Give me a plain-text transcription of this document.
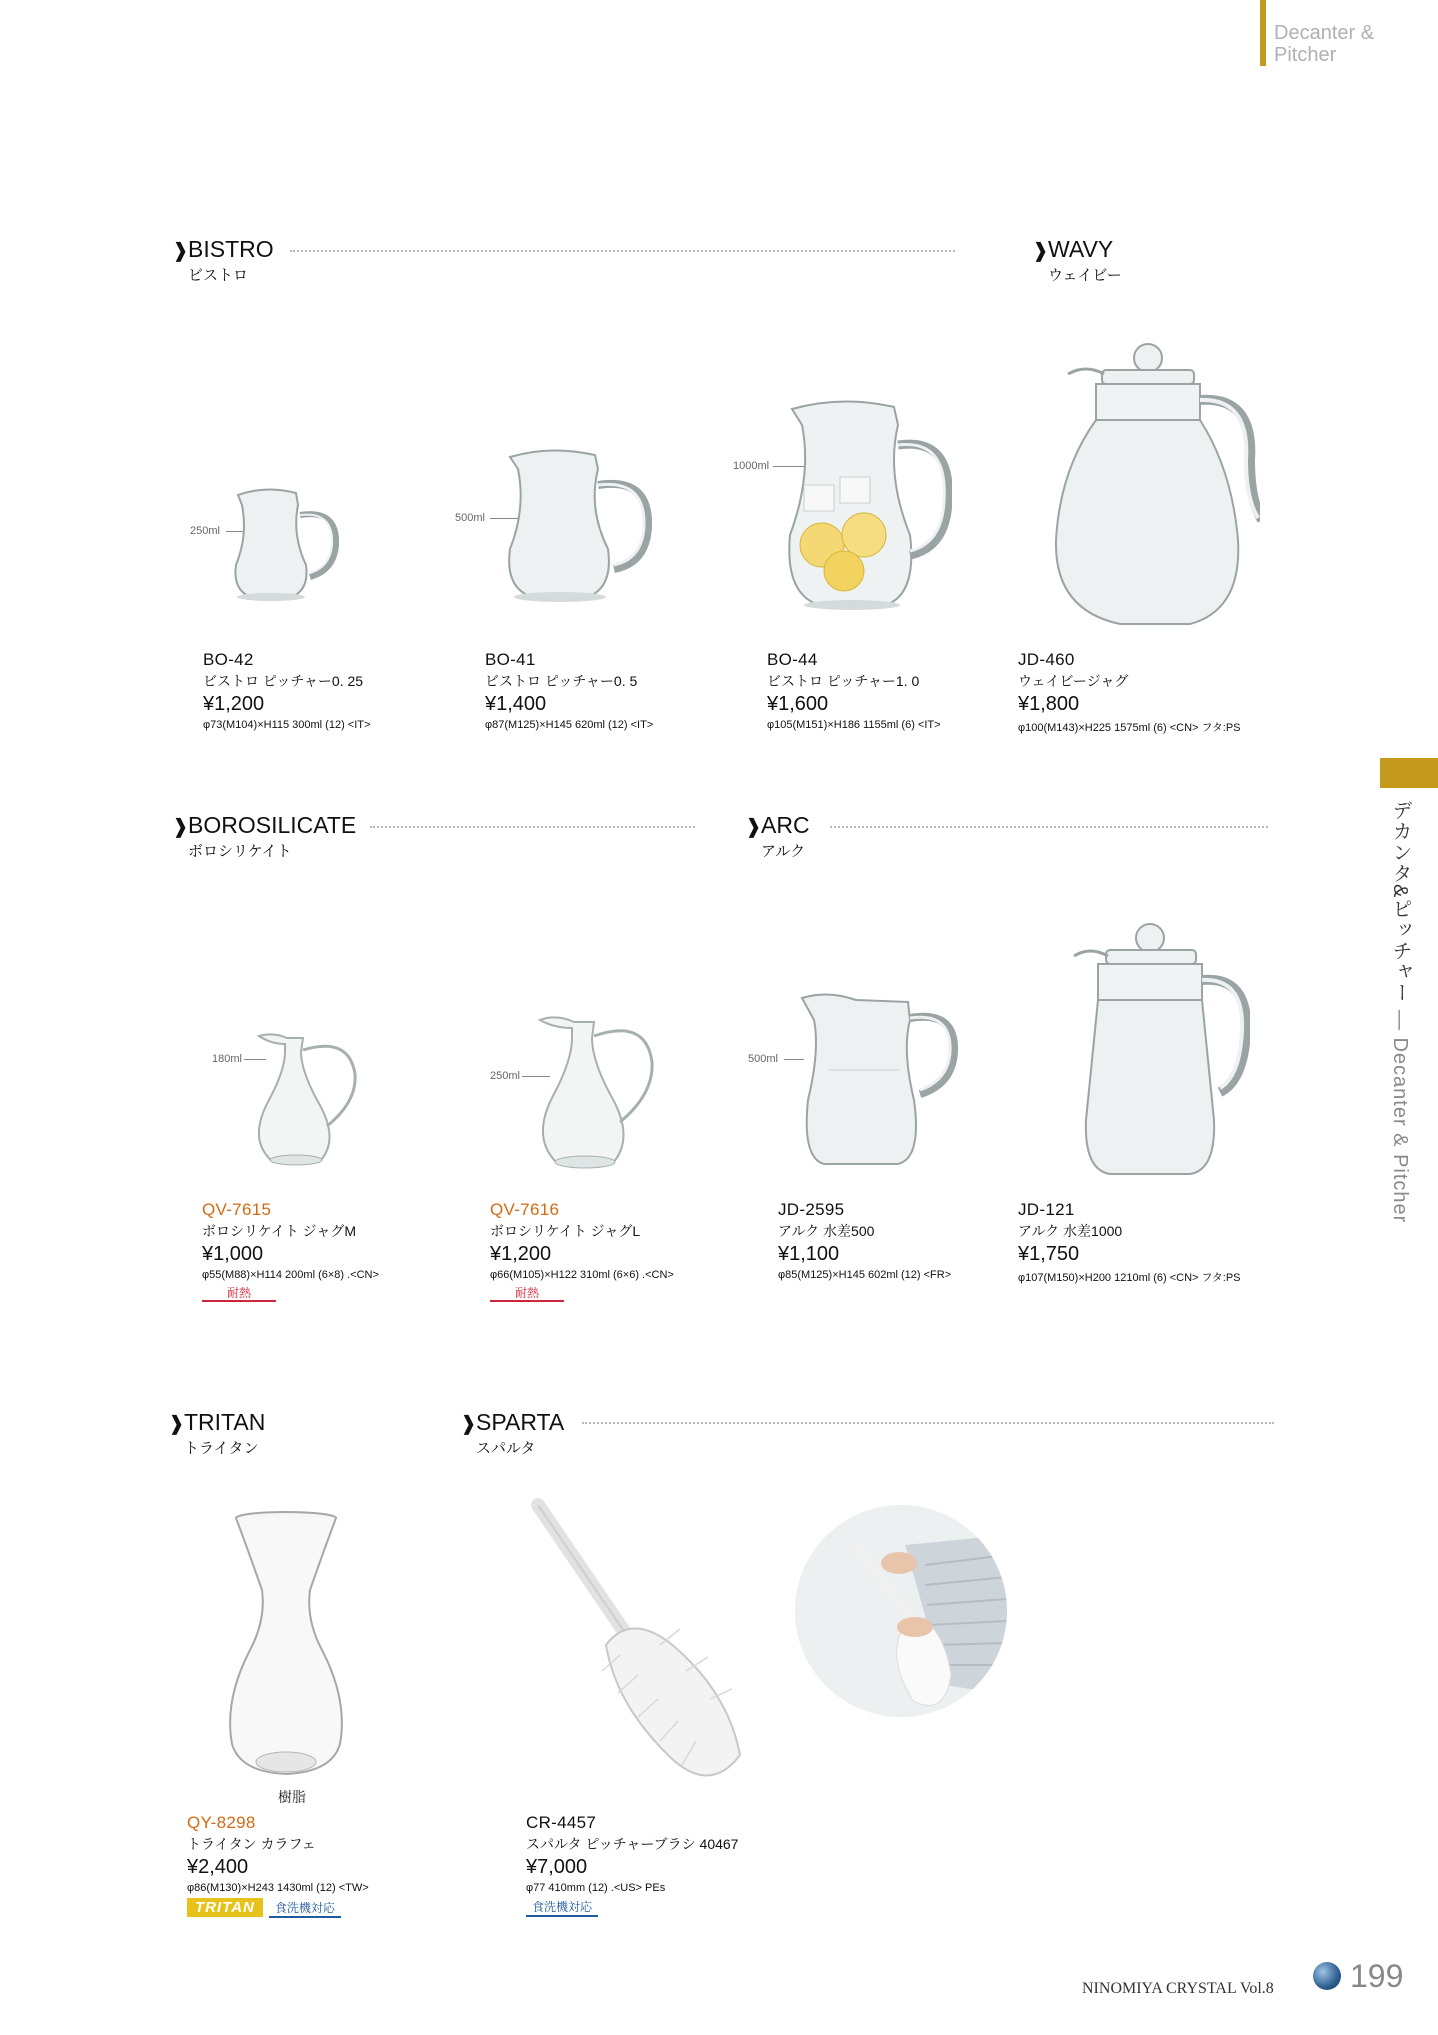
Decanter &
Pitcher
デカンタ&ピッチャー ― Decanter & Pitcher
❱BISTRO
ビストロ
❱WAVY
ウェイビー
250ml
500ml
1000ml
BO-42
ビストロ ピッチャー0. 25
¥1,200
φ73(M104)×H115 300ml (12) <IT>
BO-41
ビストロ ピッチャー0. 5
¥1,400
φ87(M125)×H145 620ml (12) <IT>
BO-44
ビストロ ピッチャー1. 0
¥1,600
φ105(M151)×H186 1155ml (6) <IT>
JD-460
ウェイビージャグ
¥1,800
φ100(M143)×H225 1575ml (6) <CN> フタ:PS
❱BOROSILICATE
ボロシリケイト
❱ARC
アルク
180ml
250ml
500ml
QV-7615
ボロシリケイト ジャグM
¥1,000
φ55(M88)×H114 200ml (6×8) .<CN>
耐熱
QV-7616
ボロシリケイト ジャグL
¥1,200
φ66(M105)×H122 310ml (6×6) .<CN>
耐熱
JD-2595
アルク 水差500
¥1,100
φ85(M125)×H145 602ml (12) <FR>
JD-121
アルク 水差1000
¥1,750
φ107(M150)×H200 1210ml (6) <CN> フタ:PS
❱TRITAN
トライタン
❱SPARTA
スパルタ
樹脂
QY-8298
トライタン カラフェ
¥2,400
φ86(M130)×H243 1430ml (12) <TW>
TRITAN 食洗機対応
CR-4457
スパルタ ピッチャーブラシ 40467
¥7,000
φ77 410mm (12) .<US> PEs
食洗機対応
NINOMIYA CRYSTAL Vol.8 199
